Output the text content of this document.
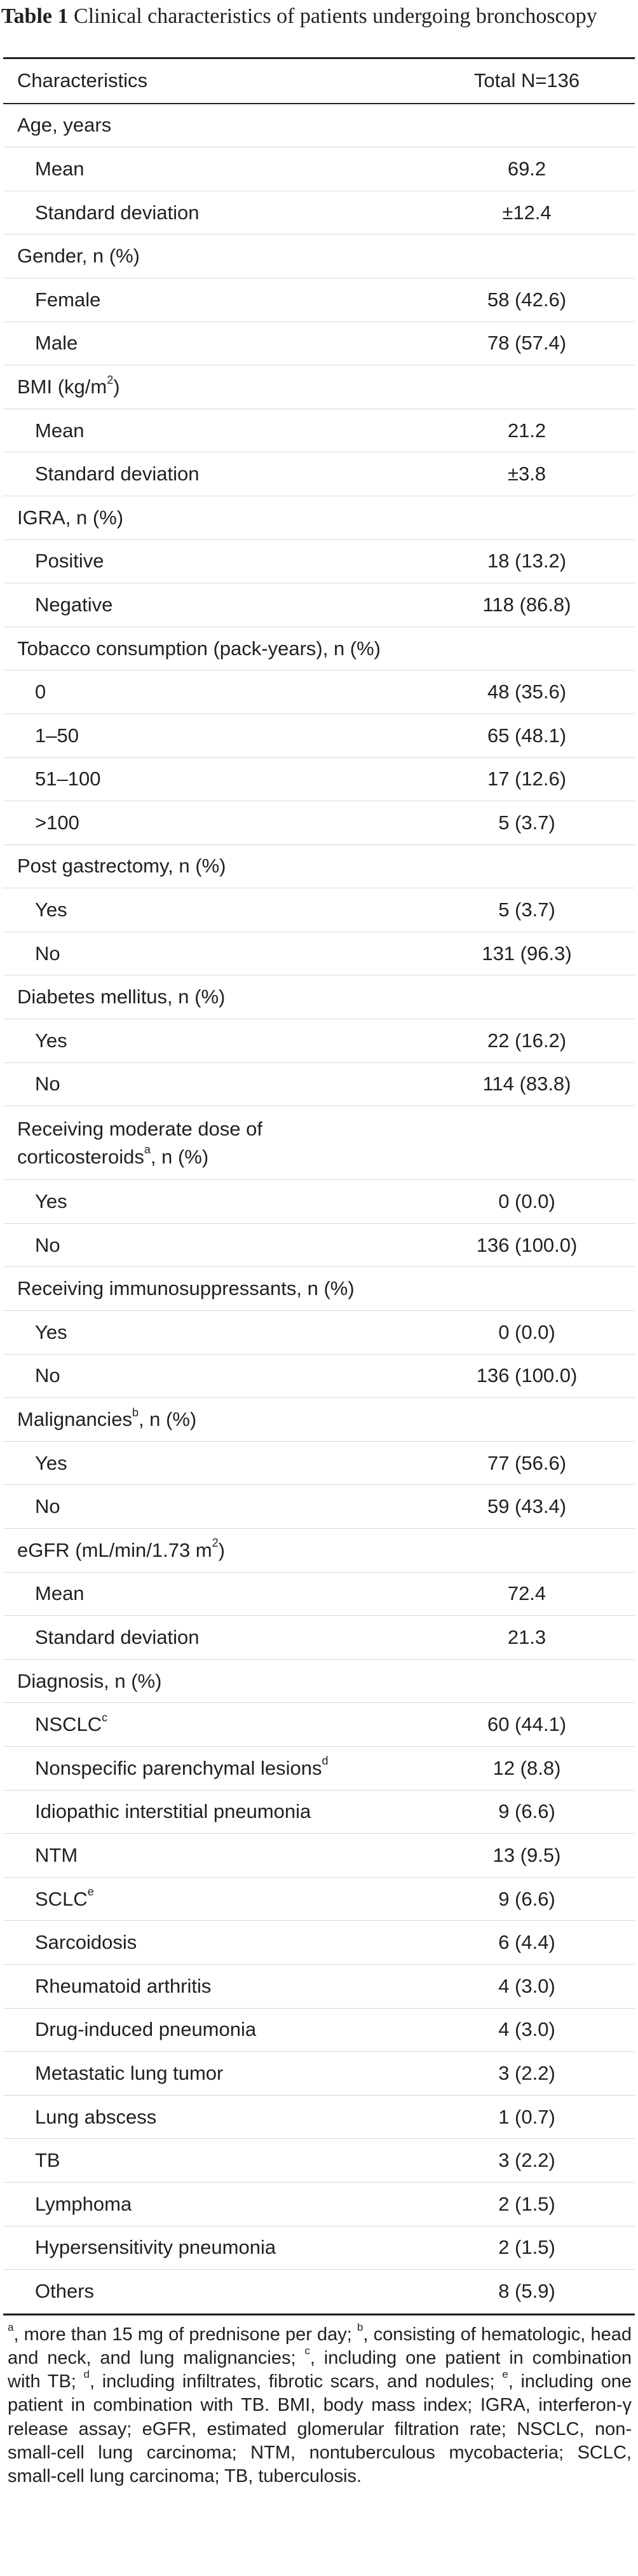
Table 1 Clinical characteristics of patients undergoing bronchoscopy
Characteristics	Total N=136
Age, years
Mean	69.2
Standard deviation	±12.4
Gender, n (%)
Female	58 (42.6)
Male	78 (57.4)
BMI $(kg/m^2)$
Mean	21.2
Standard deviation	±3.8
IGRA, n (%)
Positive	18 (13.2)
Negative	118 (86.8)
Tobacco consumption (pack-years), n (%)
0	48 (35.6)
1–50	65 (48.1)
51–100	17 (12.6)
>100	5 (3.7)
Post gastrectomy, n (%)
Yes	5 (3.7)
No	131 (96.3)
Diabetes mellitus, n (%)
Yes	22 (16.2)
No	114 (83.8)
Receiving moderate dose of
corticosteroids$^a$, n (%)
Yes	0 (0.0)
No	136 (100.0)
Receiving immunosuppressants, n (%)
Yes	0 (0.0)
No	136 (100.0)
Malignancies$^b$, n (%)
Yes	77 (56.6)
No	59 (43.4)
eGFR (mL/min/1.73 $m^2$)
Mean	72.4
Standard deviation	21.3
Diagnosis, n (%)
NSCLC$^c$	60 (44.1)
Nonspecific parenchymal lesions$^d$	12 (8.8)
Idiopathic interstitial pneumonia	9 (6.6)
NTM	13 (9.5)
SCLC$^e$	9 (6.6)
Sarcoidosis	6 (4.4)
Rheumatoid arthritis	4 (3.0)
Drug-induced pneumonia	4 (3.0)
Metastatic lung tumor	3 (2.2)
Lung abscess	1 (0.7)
TB	3 (2.2)
Lymphoma	2 (1.5)
Hypersensitivity pneumonia	2 (1.5)
Others	8 (5.9)
$^a$, more than 15 mg of prednisone per day; $^b$, consisting of hematologic, head and neck, and lung malignancies; $^c$, including one patient in combination with TB; $^d$, including infiltrates, fibrotic scars, and nodules; $^e$, including one patient in combination with TB. BMI, body mass index; IGRA, interferon-γ release assay; eGFR, estimated glomerular filtration rate; NSCLC, non-small-cell lung carcinoma; NTM, nontuberculous mycobacteria; SCLC, small-cell lung carcinoma; TB, tuberculosis.
